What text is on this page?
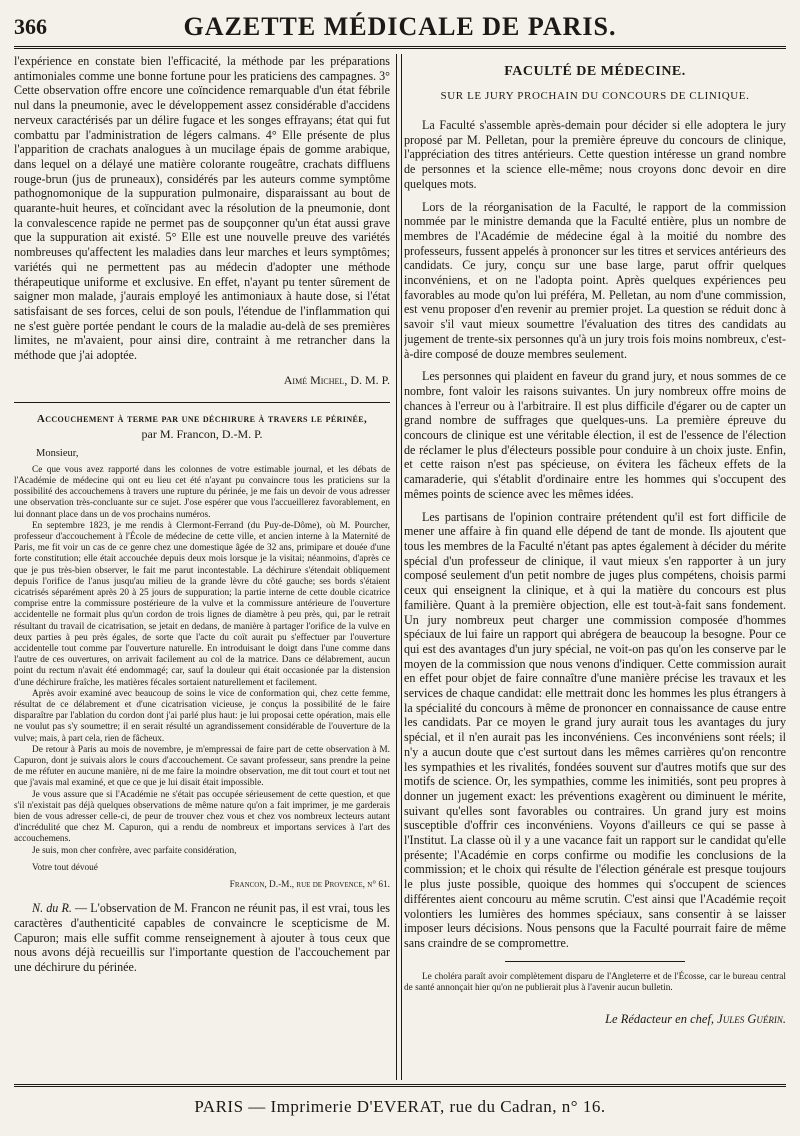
366	GAZETTE MÉDICALE DE PARIS.

l'expérience en constate bien l'efficacité, la méthode par les préparations antimoniales comme une bonne fortune pour les praticiens des campagnes. 3° Cette observation offre encore une coïncidence remarquable d'un état fébrile nul dans la pneumonie, avec le développement assez considérable d'accidens nerveux caractérisés par un délire fugace et les songes effrayans; état qui fut combattu par l'administration de légers calmans. 4° Elle présente de plus l'apparition de crachats analogues à un mucilage épais de gomme arabique, dans lequel on a délayé une matière colorante rougeâtre, crachats diffluens rouge-brun (jus de pruneaux), considérés par les auteurs comme symptôme pathognomonique de la suppuration pulmonaire, disparaissant au bout de quarante-huit heures, et coïncidant avec la résolution de la pneumonie, dont la convalescence rapide ne permet pas de soupçonner qu'un état aussi grave que la suppuration ait existé. 5° Elle est une nouvelle preuve des variétés nombreuses qu'affectent les maladies dans leur marches et leurs symptômes; variétés qui ne permettent pas au médecin d'adopter une méthode thérapeutique uniforme et exclusive. En effet, n'ayant pu tenter sûrement de saigner mon malade, j'aurais employé les antimoniaux à haute dose, si l'état satisfaisant de ses forces, celui de son pouls, l'étendue de l'inflammation qui ne s'est guère portée pendant le cours de la maladie au-delà de ses premières limites, ne m'avaient, pour ainsi dire, contraint à me retrancher dans la méthode que j'ai adoptée.

Aimé Michel, D. M. P.
Accouchement à terme par une déchirure à travers le périnée,
par M. Francon, D.-M. P.
Monsieur,

Ce que vous avez rapporté dans les colonnes de votre estimable journal, et les débats de l'Académie de médecine qui ont eu lieu cet été n'ayant pu convaincre tous les praticiens sur la possibilité des accouchemens à travers une rupture du périnée, je me fais un devoir de vous adresser une observation très-concluante sur ce sujet. J'ose espérer que vous l'accueillerez favorablement, en lui donnant place dans un de vos prochains numéros.

En septembre 1823, je me rendis à Clermont-Ferrand (du Puy-de-Dôme), où M. Pourcher, professeur d'accouchement à l'École de médecine de cette ville, et ancien interne à la Maternité de Paris, me fit voir un cas de ce genre chez une domestique âgée de 32 ans, primipare et douée d'une forte constitution; elle était accouchée depuis deux mois lorsque je la visitai; néanmoins, d'après ce que je pus très-bien observer, le fait me parut incontestable. La déchirure s'étendait obliquement depuis l'orifice de l'anus jusqu'au milieu de la grande lèvre du côté gauche; ses bords s'étaient cicatrisés séparément après 20 à 25 jours de suppuration; la partie interne de cette double cicatrice comprise entre la commissure postérieure de la vulve et la commissure antérieure de l'ouverture accidentelle ne formait plus qu'un cordon de trois lignes de diamètre à peu près, qui, par le retrait résultant du travail de cicatrisation, se jetait en dedans, de manière à partager l'orifice de la vulve en deux parties à peu près égales, de sorte que l'acte du coït aurait pu s'effectuer par l'ouverture accidentelle tout comme par l'ouverture naturelle. En introduisant le doigt dans l'une comme dans l'autre de ces ouvertures, on arrivait facilement au col de la matrice. Dans ce délabrement, aucun point du rectum n'avait été endommagé; car, sauf la douleur qui était occasionée par la distension d'une déchirure fraîche, les matières fécales sortaient naturellement et facilement.

Après avoir examiné avec beaucoup de soins le vice de conformation qui, chez cette femme, résultat de ce délabrement et d'une cicatrisation vicieuse, je conçus la possibilité de le faire disparaître par l'ablation du cordon dont j'ai parlé plus haut: je lui proposai cette opération, mais elle ne voulut pas s'y soumettre; il en serait résulté un agrandissement considérable de l'ouverture de la vulve; mais, à part cela, rien de fâcheux.

De retour à Paris au mois de novembre, je m'empressai de faire part de cette observation à M. Capuron, dont je suivais alors le cours d'accouchement. Ce savant professeur, sans prendre la peine de me réfuter en aucune manière, ni de me faire la moindre observation, me dit tout court et tout net que j'avais mal examiné, et que ce que je lui disait était impossible.

Je vous assure que si l'Académie ne s'était pas occupée sérieusement de cette question, et que s'il n'existait pas déjà quelques observations de même nature qu'on a fait imprimer, je me garderais bien de vous adresser celle-ci, de peur de trouver chez vous et chez vos nombreux lecteurs autant d'incrédulité que chez M. Capuron, qui a rendu de nombreux et importans services à l'art des accouchemens.

Je suis, mon cher confrère, avec parfaite considération,

Votre tout dévoué

Francon, D.-M., rue de Provence, n° 61.

N. du R. — L'observation de M. Francon ne réunit pas, il est vrai, tous les caractères d'authenticité capables de convaincre le scepticisme de M. Capuron; mais elle suffit comme renseignement à ajouter à tous ceux que nous avons déjà recueillis sur l'importante question de l'accouchement par une déchirure du périnée.

FACULTÉ DE MÉDECINE.
SUR LE JURY PROCHAIN DU CONCOURS DE CLINIQUE.

La Faculté s'assemble après-demain pour décider si elle adoptera le jury proposé par M. Pelletan, pour la première épreuve du concours de clinique, l'appréciation des titres antérieurs. Cette question intéresse un grand nombre de personnes et la science elle-même; nous croyons donc devoir en dire quelques mots.

Lors de la réorganisation de la Faculté, le rapport de la commission nommée par le ministre demanda que la Faculté entière, plus un nombre de membres de l'Académie de médecine égal à la moitié du nombre des professeurs, fussent appelés à prononcer sur les titres et services antérieurs des candidats. Ce jury, conçu sur une base large, parut offrir quelques inconvéniens, et on ne l'adopta point. Après quelques expériences peu favorables au mode qu'on lui préféra, M. Pelletan, au nom d'une commission, est venu proposer d'en revenir au premier projet. La question se réduit donc à savoir s'il vaut mieux soumettre l'évaluation des titres des candidats au jugement de trente-six personnes qu'à un jury trois fois moins nombreux, c'est-à-dire composé de douze membres seulement.

Les personnes qui plaident en faveur du grand jury, et nous sommes de ce nombre, font valoir les raisons suivantes. Un jury nombreux offre moins de chances à l'erreur ou à l'arbitraire. Il est plus difficile d'égarer ou de capter un grand nombre de suffrages que quelques-uns. La première épreuve du concours de clinique est une véritable élection, il est de l'essence de l'élection de réclamer le plus d'électeurs possible pour conduire à un choix juste. Enfin, et cette raison n'est pas spécieuse, on évitera les fâcheux effets de la camaraderie, qui s'établit d'ordinaire entre les hommes qui s'occupent des mêmes points de science avec les mêmes idées.

Les partisans de l'opinion contraire prétendent qu'il est fort difficile de mener une affaire à fin quand elle dépend de tant de monde. Ils ajoutent que tous les membres de la Faculté n'étant pas aptes également à décider du mérite spécial d'un professeur de clinique, il vaut mieux s'en rapporter à un jury composé seulement d'un petit nombre de juges plus compétens, choisis parmi ceux qui enseignent la clinique, et à qui la matière du concours est plus familière. Quant à la première objection, elle est tout-à-fait sans fondement. Un jury nombreux peut charger une commission composée d'hommes spéciaux de lui faire un rapport qui abrégera de beaucoup la besogne. Pour ce qui est des avantages d'un jury spécial, ne voit-on pas qu'on les conserve par le moyen de la commission que nous venons d'indiquer. Cette commission aurait en effet pour objet de faire connaître d'une manière précise les travaux et les services de chaque candidat: elle mettrait donc les hommes les plus étrangers à la spécialité du concours à même de prononcer en connaissance de cause entre les candidats. Par ce moyen le grand jury aurait tous les avantages du jury spécial, et il n'en aurait pas les inconvéniens. Ces inconvéniens sont réels; il n'y a aucun doute que c'est surtout dans les mêmes carrières qu'on rencontre les sympathies et les rivalités, fondées souvent sur d'autres motifs que sur des motifs de science. Or, les sympathies, comme les inimitiés, sont peu propres à donner un jugement exact: les préventions exagèrent ou diminuent le mérite, suivant qu'elles sont favorables ou contraires. Un grand jury est moins susceptible d'offrir ces inconvéniens. Voyons d'ailleurs ce qui se passe à l'Institut. La classe où il y a une vacance fait un rapport sur le candidat qu'elle présente; l'Académie en corps confirme ou modifie les conclusions de la commission; et le choix qui résulte de l'élection générale est presque toujours le plus juste possible, quoique des hommes qui s'occupent de sciences différentes aient concouru au même scrutin. C'est ainsi que l'Académie reçoit volontiers les lumières des hommes spéciaux, sans consentir à se laisser imposer leurs décisions. Nous pensons que la Faculté pourrait faire de même sans craindre de se compromettre.

Le choléra paraît avoir complètement disparu de l'Angleterre et de l'Écosse, car le bureau central de santé annonçait hier qu'on ne publierait plus à l'avenir aucun bulletin.

Le Rédacteur en chef, Jules Guérin.
PARIS — Imprimerie D'EVERAT, rue du Cadran, n° 16.
